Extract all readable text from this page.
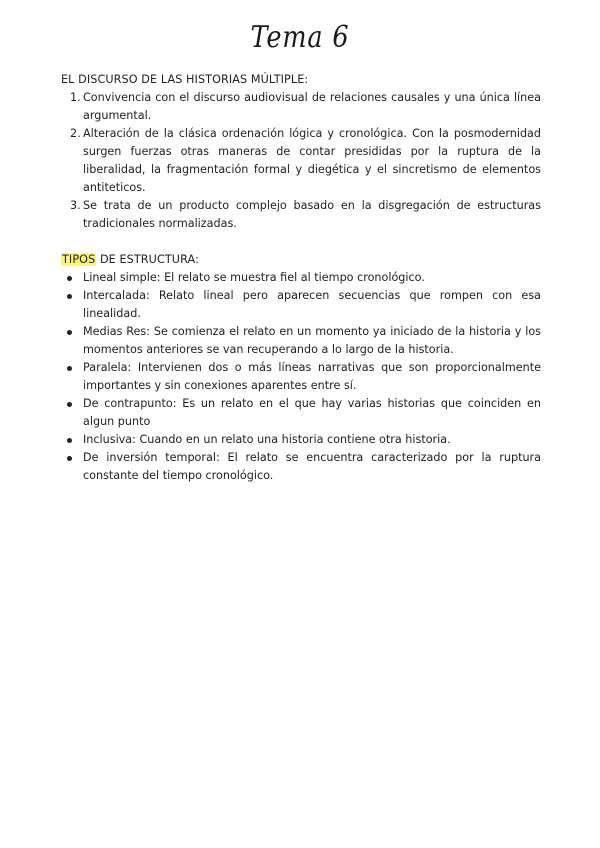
Tema 6

EL DISCURSO DE LAS HISTORIAS MÚLTIPLE:

1. Convivencia con el discurso audiovisual de relaciones causales y una única línea argumental.
2. Alteración de la clásica ordenación lógica y cronológica. Con la posmodernidad surgen fuerzas otras maneras de contar presididas por la ruptura de la liberalidad, la fragmentación formal y diegética y el sincretismo de elementos antiteticos.
3. Se trata de un producto complejo basado en la disgregación de estructuras tradicionales normalizadas.

TIPOS DE ESTRUCTURA:

Lineal simple: El relato se muestra fiel al tiempo cronológico.
Intercalada: Relato lineal pero aparecen secuencias que rompen con esa linealidad.
Medias Res: Se comienza el relato en un momento ya iniciado de la historia y los momentos anteriores se van recuperando a lo largo de la historia.
Paralela: Intervienen dos o más líneas narrativas que son proporcionalmente importantes y sin conexiones aparentes entre sí.
De contrapunto: Es un relato en el que hay varias historias que coinciden en algun punto
Inclusiva: Cuando en un relato una historia contiene otra historia.
De inversión temporal: El relato se encuentra caracterizado por la ruptura constante del tiempo cronológico.
